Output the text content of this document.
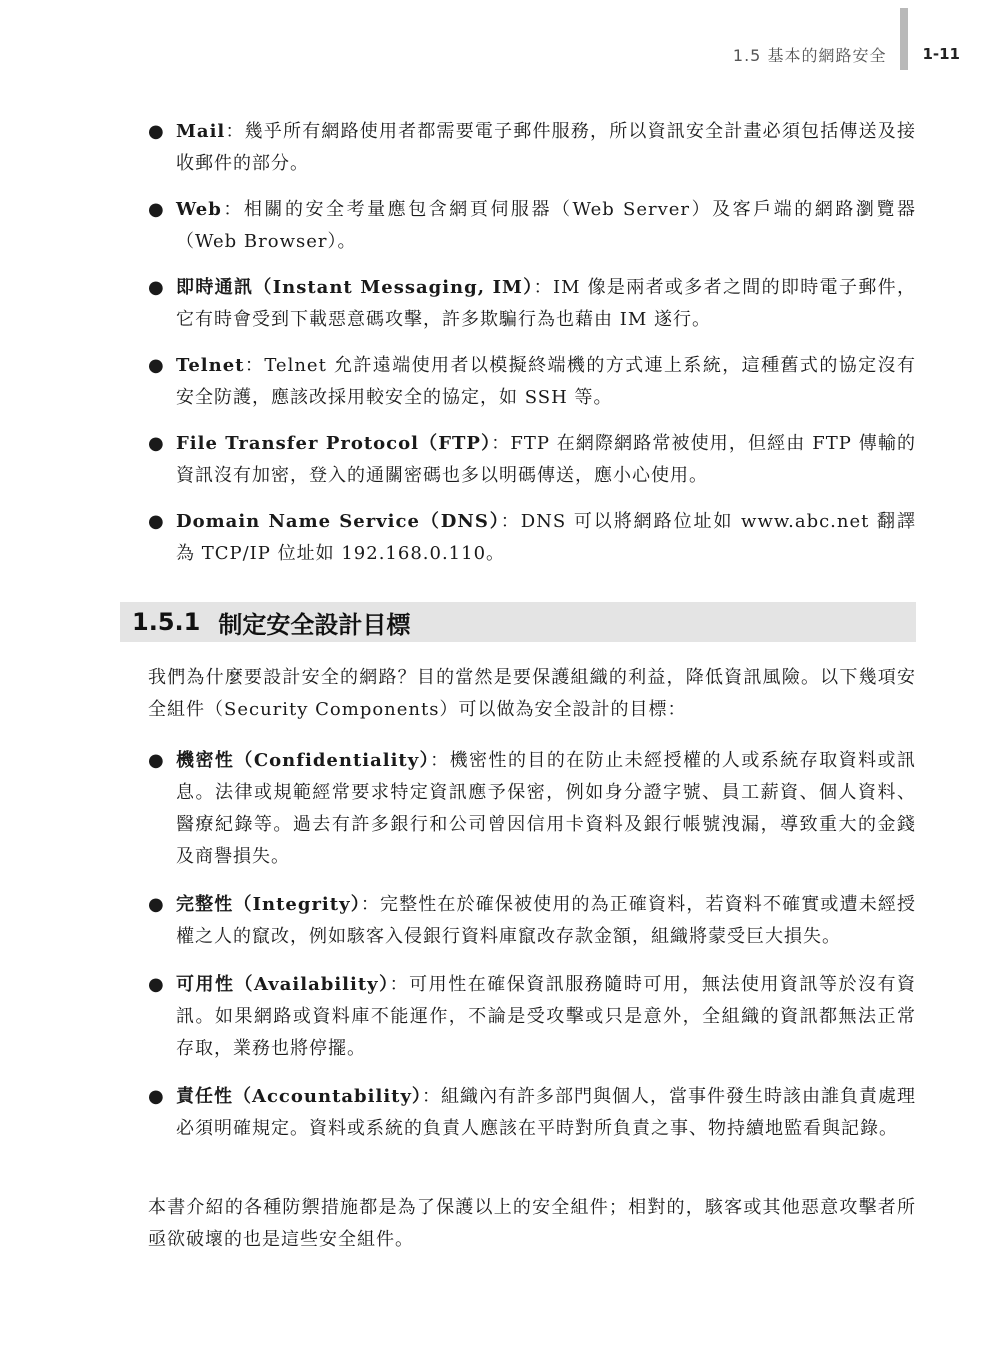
1.5 基本的網路安全 1-11
● Mail：幾乎所有網路使用者都需要電子郵件服務，所以資訊安全計畫必須包括傳送及接收郵件的部分。
● Web：相關的安全考量應包含網頁伺服器（Web Server）及客戶端的網路瀏覽器（Web Browser）。
● 即時通訊（Instant Messaging, IM）：IM 像是兩者或多者之間的即時電子郵件，它有時會受到下載惡意碼攻擊，許多欺騙行為也藉由 IM 遂行。
● Telnet：Telnet 允許遠端使用者以模擬終端機的方式連上系統，這種舊式的協定沒有安全防護，應該改採用較安全的協定，如 SSH 等。
● File Transfer Protocol（FTP）：FTP 在網際網路常被使用，但經由 FTP 傳輸的資訊沒有加密，登入的通關密碼也多以明碼傳送，應小心使用。
● Domain Name Service（DNS）：DNS 可以將網路位址如 www.abc.net 翻譯為 TCP/IP 位址如 192.168.0.110。
1.5.1 制定安全設計目標

我們為什麼要設計安全的網路？目的當然是要保護組織的利益，降低資訊風險。以下幾項安全組件（Security Components）可以做為安全設計的目標：

● 機密性（Confidentiality）：機密性的目的在防止未經授權的人或系統存取資料或訊息。法律或規範經常要求特定資訊應予保密，例如身分證字號、員工薪資、個人資料、醫療紀錄等。過去有許多銀行和公司曾因信用卡資料及銀行帳號洩漏，導致重大的金錢及商譽損失。
● 完整性（Integrity）：完整性在於確保被使用的為正確資料，若資料不確實或遭未經授權之人的竄改，例如駭客入侵銀行資料庫竄改存款金額，組織將蒙受巨大損失。
● 可用性（Availability）：可用性在確保資訊服務隨時可用，無法使用資訊等於沒有資訊。如果網路或資料庫不能運作，不論是受攻擊或只是意外，全組織的資訊都無法正常存取，業務也將停擺。
● 責任性（Accountability）：組織內有許多部門與個人，當事件發生時該由誰負責處理必須明確規定。資料或系統的負責人應該在平時對所負責之事、物持續地監看與記錄。

本書介紹的各種防禦措施都是為了保護以上的安全組件；相對的，駭客或其他惡意攻擊者所亟欲破壞的也是這些安全組件。
